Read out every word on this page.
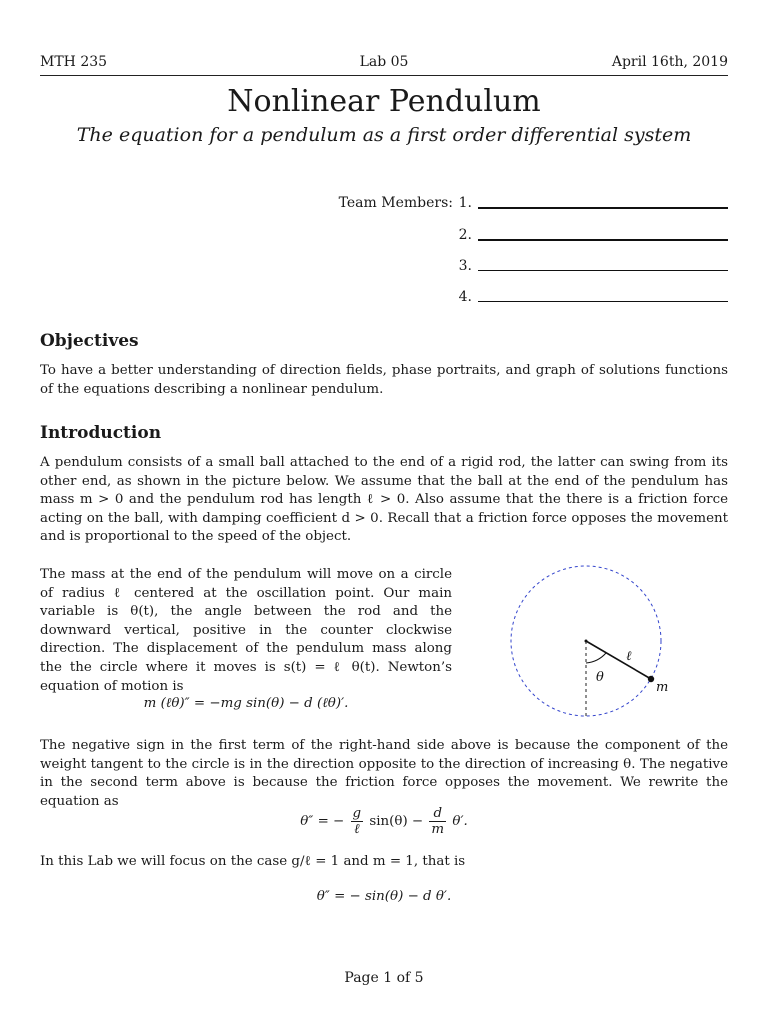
MTH 235	Lab 05	April 16th, 2019
Nonlinear Pendulum
The equation for a pendulum as a first order differential system
Team Members: 1.
2.
3.
4.
Objectives
To have a better understanding of direction fields, phase portraits, and graph of solutions functions of the equations describing a nonlinear pendulum.
Introduction
A pendulum consists of a small ball attached to the end of a rigid rod, the latter can swing from its other end, as shown in the picture below. We assume that the ball at the end of the pendulum has mass m > 0 and the pendulum rod has length ℓ > 0. Also assume that the there is a friction force acting on the ball, with damping coefficient d > 0. Recall that a friction force opposes the movement and is proportional to the speed of the object.
The mass at the end of the pendulum will move on a circle of radius ℓ centered at the oscillation point. Our main variable is θ(t), the angle between the rod and the downward vertical, positive in the counter clockwise direction. The displacement of the pendulum mass along the the circle where it moves is s(t) = ℓ θ(t). Newton’s equation of motion is
m (ℓθ)″ = −mg sin(θ) − d (ℓθ)′.
ℓ
θ
m
The negative sign in the first term of the right-hand side above is because the component of the weight tangent to the circle is in the direction opposite to the direction of increasing θ. The negative in the second term above is because the friction force opposes the movement. We rewrite the equation as
θ″ = − $\frac{g}{\text{ℓ}} \sin(\theta) - \frac{d}{m} \theta'$.
In this Lab we will focus on the case g/ℓ = 1 and m = 1, that is
θ″ = − sin(θ) − d θ′.
Page 1 of 5
